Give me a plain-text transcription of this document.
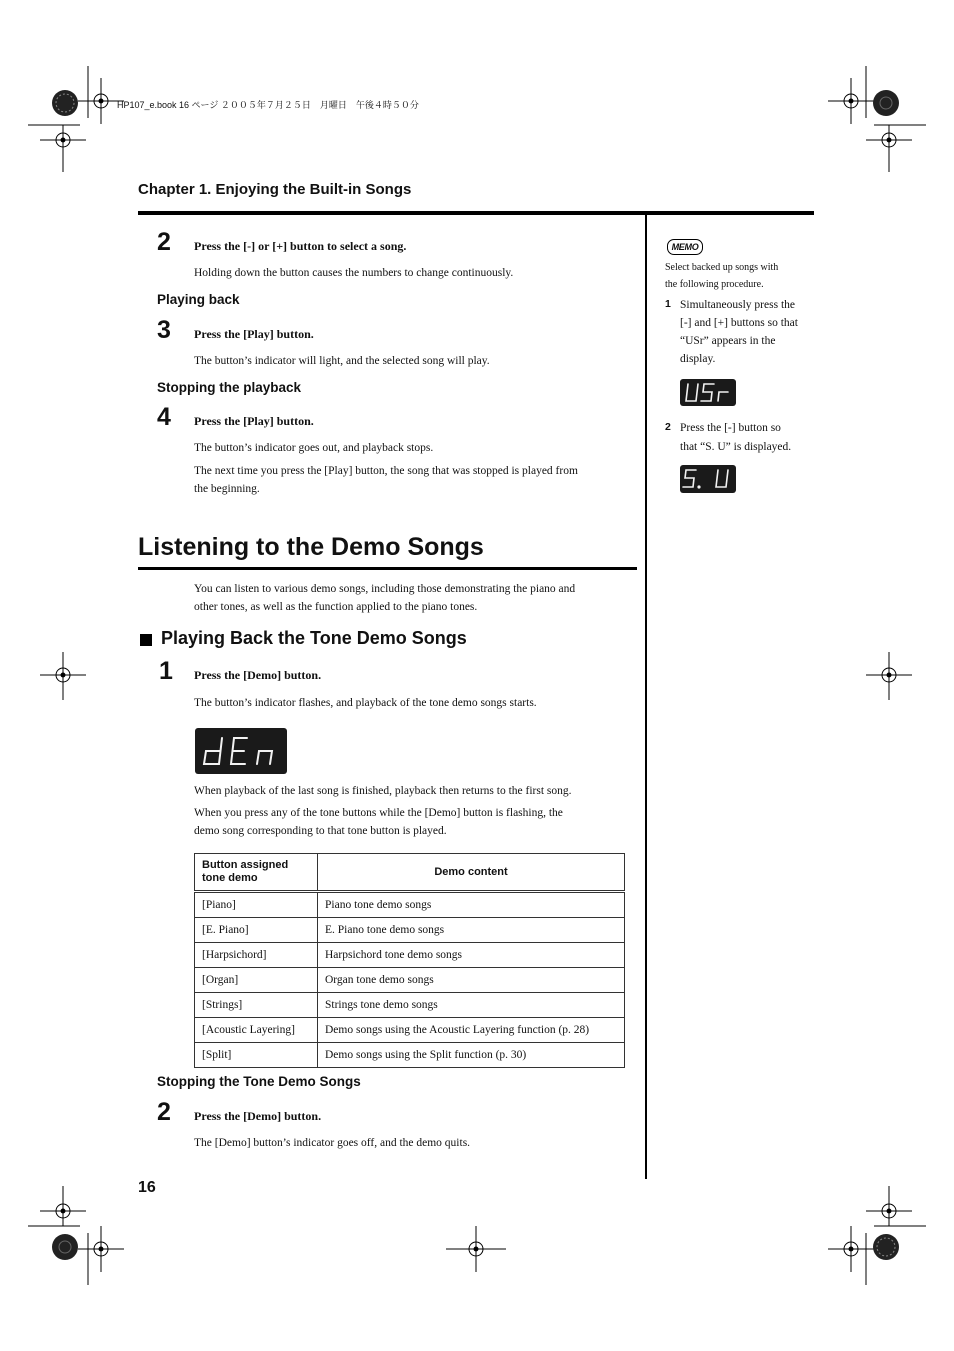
HP107_e.book 16 ページ ２００５年７月２５日　月曜日　午後４時５０分
Chapter 1. Enjoying the Built-in Songs
2 Press the [-] or [+] button to select a song.
Holding down the button causes the numbers to change continuously.
Playing back
3 Press the [Play] button.
The button’s indicator will light, and the selected song will play.
Stopping the playback
4 Press the [Play] button.
The button’s indicator goes out, and playback stops.
The next time you press the [Play] button, the song that was stopped is played from
the beginning.
Listening to the Demo Songs
You can listen to various demo songs, including those demonstrating the piano and
other tones, as well as the function applied to the piano tones.
Playing Back the Tone Demo Songs
1 Press the [Demo] button.
The button’s indicator flashes, and playback of the tone demo songs starts.
When playback of the last song is finished, playback then returns to the first song.
When you press any of the tone buttons while the [Demo] button is flashing, the
demo song corresponding to that tone button is played.
Button assigned tone demo	Demo content
[Piano]	Piano tone demo songs
[E. Piano]	E. Piano tone demo songs
[Harpsichord]	Harpsichord tone demo songs
[Organ]	Organ tone demo songs
[Strings]	Strings tone demo songs
[Acoustic Layering]	Demo songs using the Acoustic Layering function (p. 28)
[Split]	Demo songs using the Split function (p. 30)
Stopping the Tone Demo Songs
2 Press the [Demo] button.
The [Demo] button’s indicator goes off, and the demo quits.
16
MEMO
Select backed up songs with
the following procedure.
1 Simultaneously press the
[-] and [+] buttons so that
“USr” appears in the
display.
2 Press the [-] button so
that “S. U” is displayed.
